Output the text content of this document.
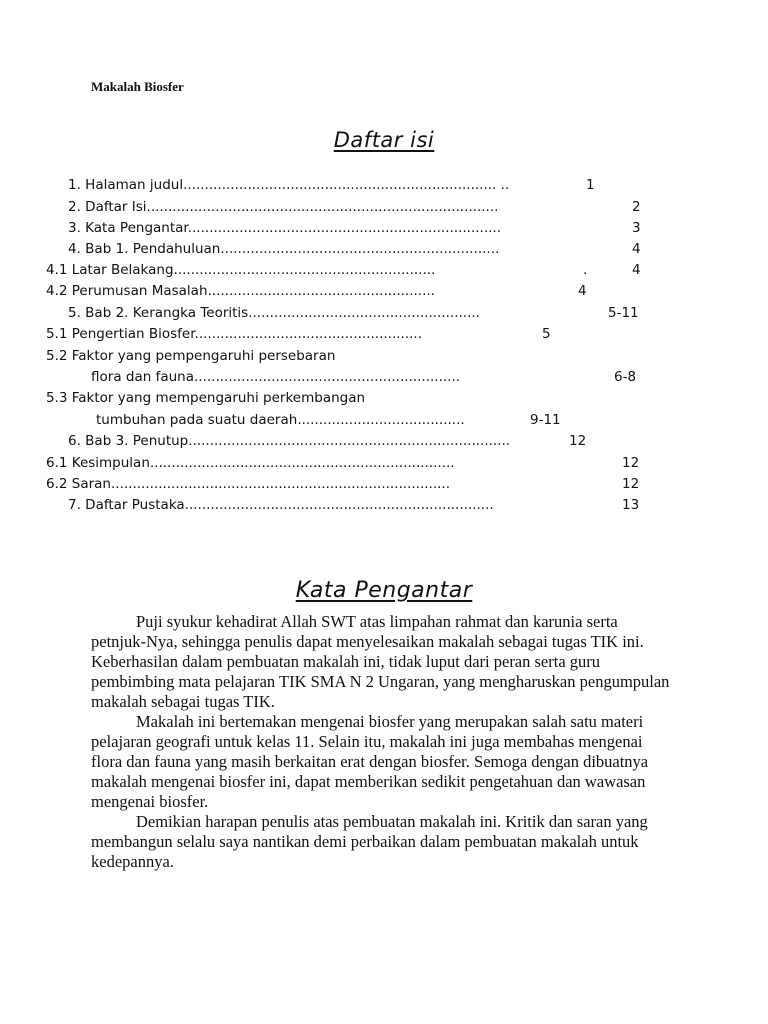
Makalah Biosfer
Daftar isi
1. Halaman judul......................................................................... ..	1
2. Daftar Isi..................................................................................	2
3. Kata Pengantar.........................................................................	3
4. Bab 1. Pendahuluan.................................................................	4
4.1 Latar Belakang.............................................................	.	4
4.2 Perumusan Masalah.....................................................	4
5. Bab 2. Kerangka Teoritis......................................................	5-11
5.1 Pengertian Biosfer.....................................................	5
5.2 Faktor yang pempengaruhi persebaran
flora dan fauna..............................................................	6-8
5.3 Faktor yang mempengaruhi perkembangan
tumbuhan pada suatu daerah.......................................	9-11
6. Bab 3. Penutup...........................................................................	12
6.1 Kesimpulan.......................................................................	12
6.2 Saran...............................................................................	12
7. Daftar Pustaka........................................................................	13
Kata Pengantar

Puji syukur kehadirat Allah SWT atas limpahan rahmat dan karunia serta petnjuk-Nya, sehingga penulis dapat menyelesaikan makalah sebagai tugas TIK ini. Keberhasilan dalam pembuatan makalah ini, tidak luput dari peran serta guru pembimbing mata pelajaran TIK SMA N 2 Ungaran, yang mengharuskan pengumpulan makalah sebagai tugas TIK.

Makalah ini bertemakan mengenai biosfer yang merupakan salah satu materi pelajaran geografi untuk kelas 11. Selain itu, makalah ini juga membahas mengenai flora dan fauna yang masih berkaitan erat dengan biosfer. Semoga dengan dibuatnya makalah mengenai biosfer ini, dapat memberikan sedikit pengetahuan dan wawasan mengenai biosfer.

Demikian harapan penulis atas pembuatan makalah ini. Kritik dan saran yang membangun selalu saya nantikan demi perbaikan dalam pembuatan makalah untuk kedepannya.
